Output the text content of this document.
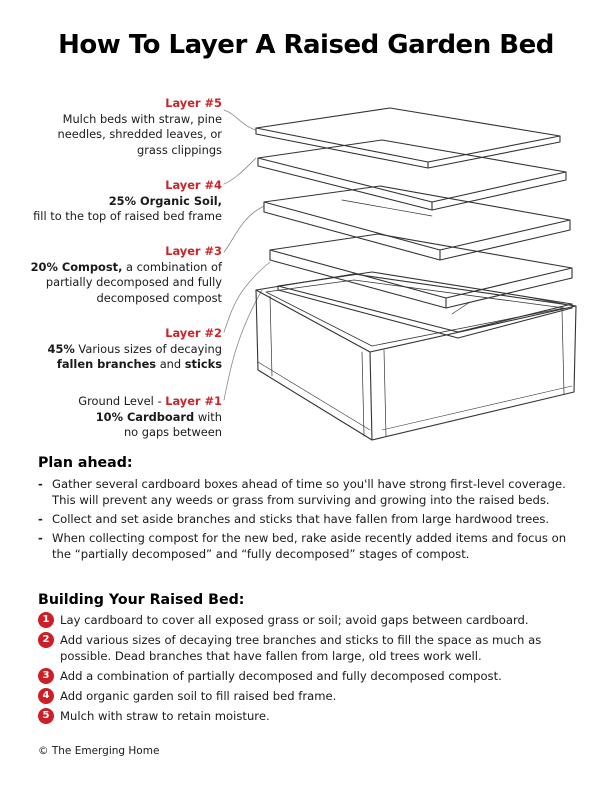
How To Layer A Raised Garden Bed
Layer #5
Mulch beds with straw, pine
needles, shredded leaves, or
grass clippings
Layer #4
25% Organic Soil,
fill to the top of raised bed frame
Layer #3
20% Compost, a combination of
partially decomposed and fully
decomposed compost
Layer #2
45% Various sizes of decaying
fallen branches and sticks
Ground Level - Layer #1
10% Cardboard with
no gaps between
Plan ahead:
- Gather several cardboard boxes ahead of time so you'll have strong first-level coverage. This will prevent any weeds or grass from surviving and growing into the raised beds.
- Collect and set aside branches and sticks that have fallen from large hardwood trees.
- When collecting compost for the new bed, rake aside recently added items and focus on the “partially decomposed” and “fully decomposed” stages of compost.
Building Your Raised Bed:
1 Lay cardboard to cover all exposed grass or soil; avoid gaps between cardboard.
2 Add various sizes of decaying tree branches and sticks to fill the space as much as possible. Dead branches that have fallen from large, old trees work well.
3 Add a combination of partially decomposed and fully decomposed compost.
4 Add organic garden soil to fill raised bed frame.
5 Mulch with straw to retain moisture.
© The Emerging Home
